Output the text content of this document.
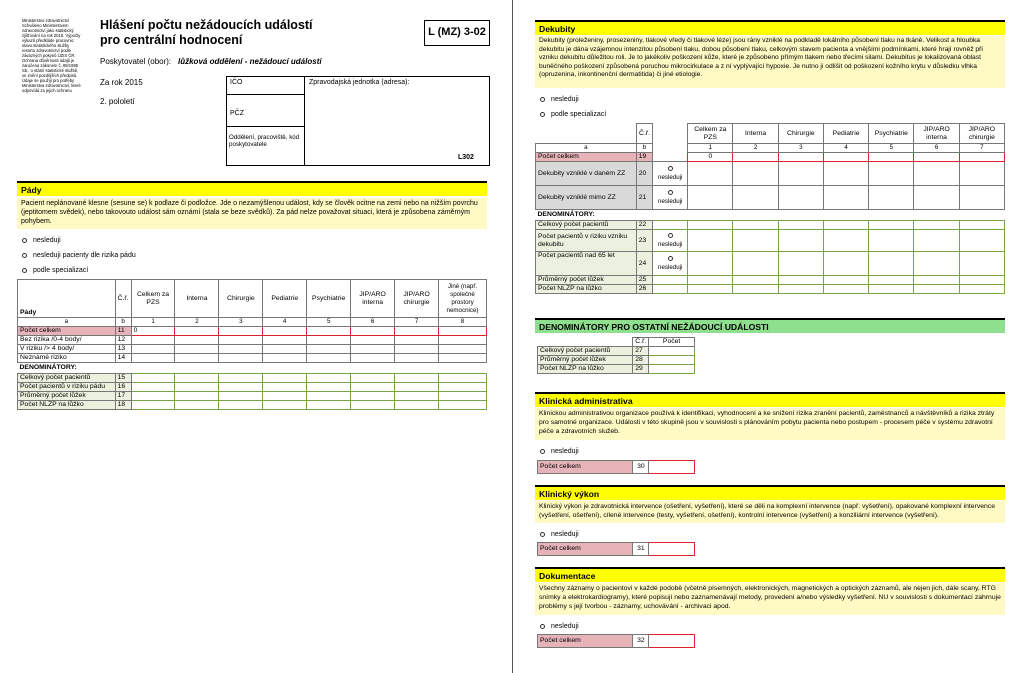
Ministerstvo zdravotnictví Schváleno Ministerstvem zdravotnictví jako statistický zjišťování na rok 2015. Výpočty výkazů předkláde pracovnic stavu statistického služby resortu zdravotnictví podle závazných pokynů ÚZIS ČR. Ochrana důvěrnosti údajů je zaručena zákonem č. 89/1995 Sb., o státní statistické službě, ve znění pozdějších předpisů. Údaje se použijí pro potřeby Ministerstva zdravotnictví, které odpovídá za jejich ochranu
Hlášení počtu nežádoucích událostí pro centrální hodnocení
L (MZ) 3-02
Poskytovatel (obor): lůžková oddělení - nežádoucí události
Za rok 2015
2. pololetí
IČO
PČZ
Oddělení, pracoviště, kód poskytovatele
Zpravodajská jednotka (adresa):
L302
Pády
Pacient neplánované klesne (sesune se) k podlaze či podložce. Jde o nezamýšlenou událost, kdy se člověk ocitne na zemi nebo na nižším povrchu (jeptitomem svědek), nebo takovouto událost sám oznámí (stala se beze svědků). Za pád nelze považovat situaci, která je způsobena záměrným pohybem.
nesleduji
nesleduji pacienty dle rizika pádu
podle specializací
Pády	Č.ř.	Celkem za PZS	Interna	Chirurgie	Pediatrie	Psychiatrie	JIP/ARO interna	JIP/ARO chirurgie	Jiné (např. společné prostory nemocnice)
a	b	1	2	3	4	5	6	7	8
Počet celkem	11	0							
Bez rizika /0-4 body/	12								
V riziku /> 4 body/	13								
Neznámé riziko	14								
DENOMINÁTORY:									
Celkový počet pacientů	15								
Počet pacientů v riziku pádu	16								
Průměrný počet lůžek	17								
Počet NLZP na lůžko	18								
Dekubity
Dekubity (proleženiny, prosezeniny, tlakové vředy či tlakové léze) jsou rány vzniklé na podkladě lokálního působení tlaku na tkáně. Velikost a hloubka dekubitu je dána vzájemnou intenzitou působení tlaku, dobou působení tlaku, celkovým stavem pacienta a vnějšími podmínkami, které hrají rovněž při vzniku dekubitu důležitou roli. Je to jakékoliv poškození kůže, které je způsobeno přímým tlakem nebo třecími silami. Dekubitus je lokalizovaná oblast buněčného poškození způsobená poruchou mikrocirkulace a z ní vyplývající hypoxie. Je nutno ji odlišit od poškození kožního krytu v důsledku vlhka (opruzenina, inkontinenční dermatitida) či jiné etiologie.
nesleduji
podle specializací
	Č.ř.		Celkem za PZS	Interna	Chirurgie	Pediatrie	Psychiatrie	JIP/ARO interna	JIP/ARO chirurgie
a	b		1	2	3	4	5	6	7
Počet celkem	19		0						
Dekubity vzniklé v daném ZZ	20	nesleduji							
Dekubity vzniklé mimo ZZ	21	nesleduji							
DENOMINÁTORY:									
Celkový počet pacientů	22								
Počet pacientů v riziku vzniku dekubitu	23	nesleduji							
Počet pacientů nad 65 let	24	nesleduji							
Průměrný počet lůžek	25								
Počet NLZP na lůžko	26								
DENOMINÁTORY PRO OSTATNÍ NEŽÁDOUCÍ UDÁLOSTI
	Č.ř.	Počet
Celkový počet pacientů	27	
Průměrný počet lůžek	28	
Počet NLZP na lůžko	29	
Klinická administrativa
Klinickou administrativou organizace používá k identifikaci, vyhodnocení a ke snížení rizika zranění pacientů, zaměstnanců a návštěvníků a rizika ztráty pro samotné organizace. Události v této skupině jsou v souvislosti s plánováním pobytu pacienta nebo postupem - procesem péče v systému zdravotní péče a zdravotních služeb.
nesleduji
Počet celkem	30	
Klinický výkon
Klinický výkon je zdravotnická intervence (ošetření, vyšetření), které se děli na komplexní intervence (např. vyšetření), opakované komplexní intervence (vyšetření, ošetření), cílené intervence (testy, vyšetření, ošetření), kontrolní intervence (vyšetření) a konziliární intervence (vyšetření).
nesleduji
Počet celkem	31	
Dokumentace
Všechny záznamy o pacientovi v každé podobě (včetně písemných, elektronických, magnetických a optických záznamů, ale nejen jich, dále scany, RTG snímky a elektrokardiogramy), které popisují nebo zaznamenávají metody, provedení a/nebo výsledky vyšetření. NU v souvislosti s dokumentací zahrnuje problémy s její tvorbou - záznamy, uchovávání - archivaci apod.
nesleduji
Počet celkem	32	
